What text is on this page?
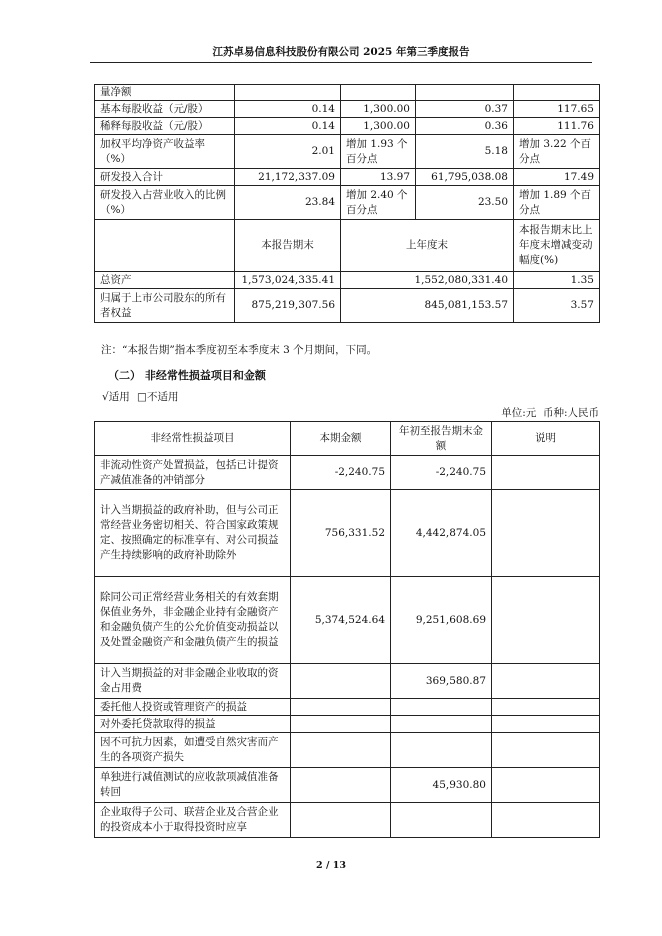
江苏卓易信息科技股份有限公司 2025 年第三季度报告
量净额				
基本每股收益（元/股）	0.14	1,300.00	0.37	117.65
稀释每股收益（元/股）	0.14	1,300.00	0.36	111.76
加权平均净资产收益率（%）	2.01	增加 1.93 个百分点	5.18	增加 3.22 个百分点
研发投入合计	21,172,337.09	13.97	61,795,038.08	17.49
研发投入占营业收入的比例（%）	23.84	增加 2.40 个百分点	23.50	增加 1.89 个百分点
	本报告期末	上年度末		本报告期末比上年度末增减变动幅度(%)
总资产	1,573,024,335.41	1,552,080,331.40		1.35
归属于上市公司股东的所有者权益	875,219,307.56	845,081,153.57		3.57
注：“本报告期”指本季度初至本季度末 3 个月期间，下同。
（二） 非经常性损益项目和金额
√适用 □不适用
单位:元  币种:人民币
非经常性损益项目	本期金额	年初至报告期末金额	说明
非流动性资产处置损益，包括已计提资产减值准备的冲销部分	-2,240.75	-2,240.75	
计入当期损益的政府补助，但与公司正常经营业务密切相关、符合国家政策规定、按照确定的标准享有、对公司损益产生持续影响的政府补助除外	756,331.52	4,442,874.05	
除同公司正常经营业务相关的有效套期保值业务外，非金融企业持有金融资产和金融负债产生的公允价值变动损益以及处置金融资产和金融负债产生的损益	5,374,524.64	9,251,608.69	
计入当期损益的对非金融企业收取的资金占用费		369,580.87	
委托他人投资或管理资产的损益			
对外委托贷款取得的损益			
因不可抗力因素，如遭受自然灾害而产生的各项资产损失			
单独进行减值测试的应收款项减值准备转回		45,930.80	
企业取得子公司、联营企业及合营企业的投资成本小于取得投资时应享			
2 / 13
